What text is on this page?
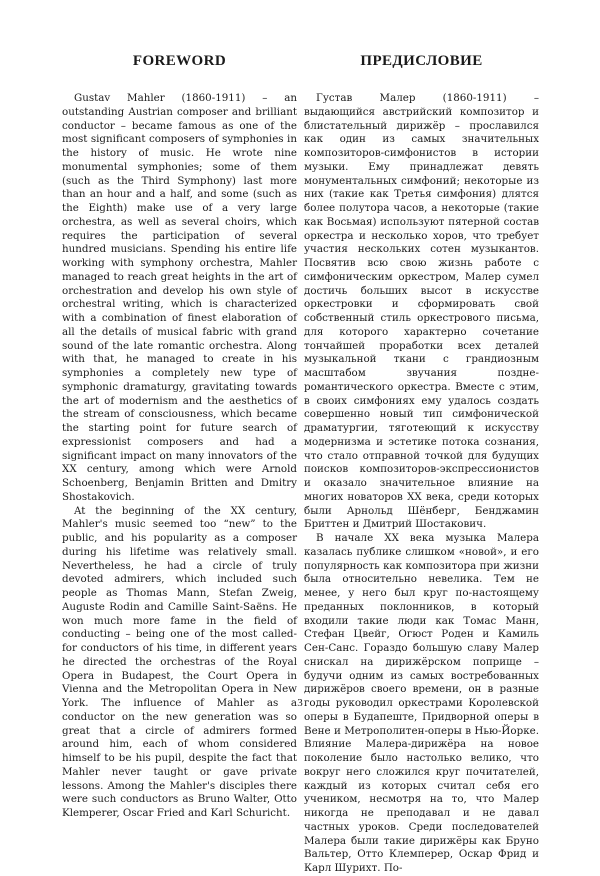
FOREWORD

Gustav Mahler (1860-1911) – an outstanding Austrian composer and brilliant conductor – became famous as one of the most significant composers of symphonies in the history of music. He wrote nine monumental symphonies; some of them (such as the Third Symphony) last more than an hour and a half, and some (such as the Eighth) make use of a very large orchestra, as well as several choirs, which requires the participation of several hundred musicians. Spending his entire life working with symphony orchestra, Mahler managed to reach great heights in the art of orchestration and develop his own style of orchestral writing, which is characterized with a combination of finest elaboration of all the details of musical fabric with grand sound of the late romantic orchestra. Along with that, he managed to create in his symphonies a completely new type of symphonic dramaturgy, gravitating towards the art of modernism and the aesthetics of the stream of consciousness, which became the starting point for future search of expressionist composers and had a significant impact on many innovators of the XX century, among which were Arnold Schoenberg, Benjamin Britten and Dmitry Shostakovich.

At the beginning of the XX century, Mahler's music seemed too “new” to the public, and his popularity as a composer during his lifetime was relatively small. Nevertheless, he had a circle of truly devoted admirers, which included such people as Thomas Mann, Stefan Zweig, Auguste Rodin and Camille Saint-Saëns. He won much more fame in the field of conducting – being one of the most called-for conductors of his time, in different years he directed the orchestras of the Royal Opera in Budapest, the Court Opera in Vienna and the Metropolitan Opera in New York. The influence of Mahler as a conductor on the new generation was so great that a circle of admirers formed around him, each of whom considered himself to be his pupil, despite the fact that Mahler never taught or gave private lessons. Among the Mahler's disciples there were such conductors as Bruno Walter, Otto Klemperer, Oscar Fried and Karl Schuricht.

ПРЕДИСЛОВИЕ

Густав Малер (1860-1911) – выдающийся австрийский композитор и блистательный дирижёр – прославился как один из самых значительных композиторов-симфонистов в истории музыки. Ему принадлежат девять монументальных симфоний; некоторые из них (такие как Третья симфония) длятся более полутора часов, а некоторые (такие как Восьмая) используют пятерной состав оркестра и несколько хоров, что требует участия нескольких сотен музыкантов. Посвятив всю свою жизнь работе с симфоническим оркестром, Малер сумел достичь больших высот в искусстве оркестровки и сформировать свой собственный стиль оркестрового письма, для которого характерно сочетание тончайшей проработки всех деталей музыкальной ткани с грандиозным масштабом звучания поздне-романтического оркестра. Вместе с этим, в своих симфониях ему удалось создать совершенно новый тип симфонической драматургии, тяготеющий к искусству модернизма и эстетике потока сознания, что стало отправной точкой для будущих поисков композиторов-экспрессионистов и оказало значительное влияние на многих новаторов XX века, среди которых были Арнольд Шёнберг, Бенджамин Бриттен и Дмитрий Шостакович.

В начале XX века музыка Малера казалась публике слишком «новой», и его популярность как композитора при жизни была относительно невелика. Тем не менее, у него был круг по-настоящему преданных поклонников, в который входили такие люди как Томас Манн, Стефан Цвейг, Огюст Роден и Камиль Сен-Санс. Гораздо большую славу Малер снискал на дирижёрском поприще – будучи одним из самых востребованных дирижёров своего времени, он в разные годы руководил оркестрами Королевской оперы в Будапеште, Придворной оперы в Вене и Метрополитен-оперы в Нью-Йорке. Влияние Малера-дирижёра на новое поколение было настолько велико, что вокруг него сложился круг почитателей, каждый из которых считал себя его учеником, несмотря на то, что Малер никогда не преподавал и не давал частных уроков. Среди последователей Малера были такие дирижёры как Бруно Вальтер, Отто Клемперер, Оскар Фрид и Карл Шурихт. По-

3
